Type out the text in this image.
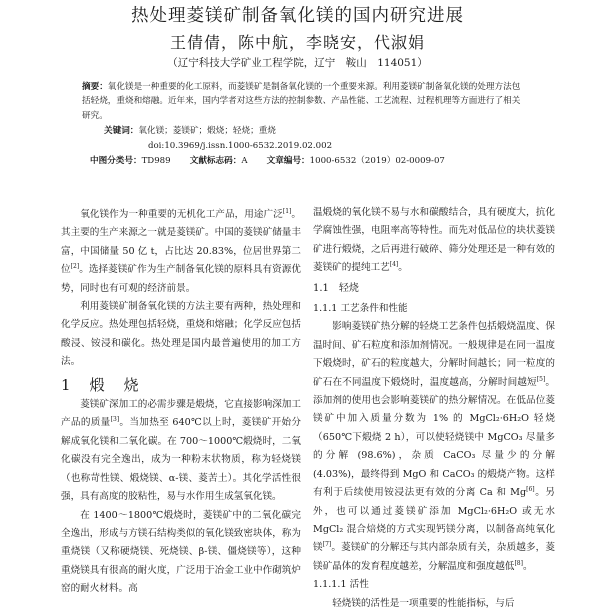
热处理菱镁矿制备氧化镁的国内研究进展
王倩倩，陈中航，李晓安，代淑娟
（辽宁科技大学矿业工程学院，辽宁　鞍山　114051）
摘要：氧化镁是一种重要的化工原料，而菱镁矿是制备氧化镁的一个重要来源。利用菱镁矿制备氧化镁的处理方法包括轻烧，重烧和熔融。近年来，国内学者对这些方法的控制参数、产品性能、工艺流程、过程机理等方面进行了相关研究。
关键词：氧化镁；菱镁矿；煅烧；轻烧；重烧
doi:10.3969/j.issn.1000-6532.2019.02.002
中图分类号：TD989 文献标志码：A 文章编号：1000-6532（2019）02-0009-07

氧化镁作为一种重要的无机化工产品，用途广泛[1]。其主要的生产来源之一就是菱镁矿。中国的菱镁矿储量丰富，中国储量 50 亿 t，占比达 20.83%，位居世界第二位[2]。选择菱镁矿作为生产制备氧化镁的原料具有资源优势，同时也有可观的经济前景。

利用菱镁矿制备氧化镁的方法主要有两种，热处理和化学反应。热处理包括轻烧，重烧和熔融；化学反应包括酸浸、铵浸和碳化。热处理是国内最普遍使用的加工方法。

1　煅　烧

菱镁矿深加工的必需步骤是煅烧，它直接影响深加工产品的质量[3]。当加热至 640℃以上时，菱镁矿开始分解成氧化镁和二氧化碳。在 700～1000℃煅烧时，二氧化碳没有完全逸出，成为一种粉末状物质，称为轻烧镁（也称苛性镁、煅烧镁、α-镁、菱苦土）。其化学活性很强，具有高度的胶粘性，易与水作用生成氢氧化镁。

在 1400～1800℃煅烧时，菱镁矿中的二氧化碳完全逸出，形成与方镁石结构类似的氧化镁致密块体，称为重烧镁（又称硬烧镁、死烧镁、β-镁、僵烧镁等），这种重烧镁具有很高的耐火度，广泛用于冶金工业中作砌筑炉窑的耐火材料。高

温煅烧的氧化镁不易与水和碳酸结合，具有硬度大，抗化学腐蚀性强，电阻率高等特性。而先对低品位的块状菱镁矿进行煅烧，之后再进行破碎、筛分处理还是一种有效的菱镁矿的提纯工艺[4]。

1.1　轻烧
1.1.1 工艺条件和性能

影响菱镁矿热分解的轻烧工艺条件包括煅烧温度、保温时间、矿石粒度和添加剂情况。一般规律是在同一温度下煅烧时，矿石的粒度越大，分解时间越长；同一粒度的矿石在不同温度下煅烧时，温度越高，分解时间越短[5]。添加剂的使用也会影响菱镁矿的热分解情况。在低品位菱镁矿中加入质量分数为 1% 的 MgCl₂·6H₂O 轻烧（650℃下煅烧 2 h），可以使轻烧镁中 MgCO₃ 尽量多的分解 (98.6%)，杂质 CaCO₃ 尽量少的分解 (4.03%)，最终得到 MgO 和 CaCO₃ 的煅烧产物。这样有利于后续使用铵浸法更有效的分离 Ca 和 Mg[6]。另外，也可以通过菱镁矿添加 MgCl₂·6H₂O 或无水 MgCl₂ 混合焙烧的方式实现钙镁分离，以制备高纯氧化镁[7]。菱镁矿的分解还与其内部杂质有关，杂质越多，菱镁矿晶体的发育程度越差，分解温度和强度越低[8]。

1.1.1.1 活性

轻烧镁的活性是一项重要的性能指标，与后
